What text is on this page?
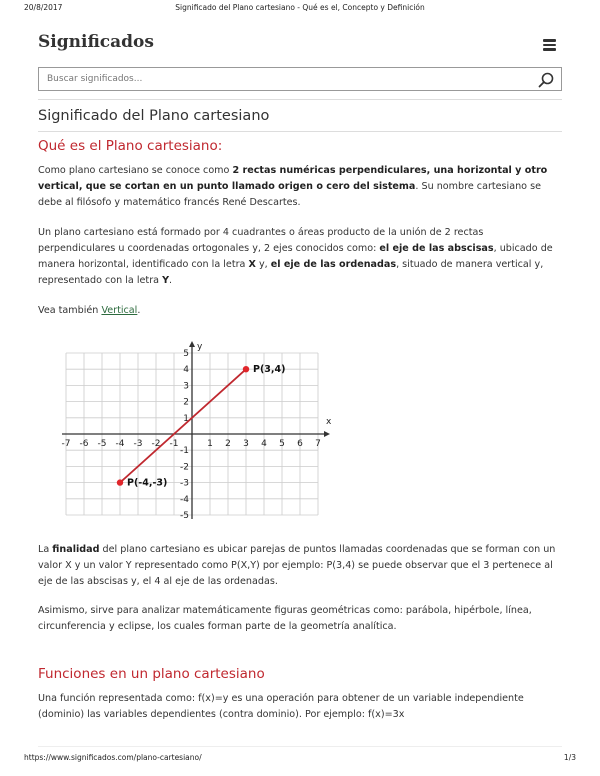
20/8/2017	Significado del Plano cartesiano - Qué es el, Concepto y Definición
Significados
Buscar significados...
Significado del Plano cartesiano
Qué es el Plano cartesiano:

Como plano cartesiano se conoce como 2 rectas numéricas perpendiculares, una horizontal y otro vertical, que se cortan en un punto llamado origen o cero del sistema. Su nombre cartesiano se debe al filósofo y matemático francés René Descartes.

Un plano cartesiano está formado por 4 cuadrantes o áreas producto de la unión de 2 rectas perpendiculares u coordenadas ortogonales y, 2 ejes conocidos como: el eje de las abscisas, ubicado de manera horizontal, identificado con la letra X y, el eje de las ordenadas, situado de manera vertical y, representado con la letra Y.

Vea también Vertical.

x
y
-7 -6 -5 -4 -3 -2 -1	1 2 3 4 5 6 7
5
4
3
2
1
-1
-2
-3
-4
-5
P(3,4)
P(-4,-3)

La finalidad del plano cartesiano es ubicar parejas de puntos llamadas coordenadas que se forman con un valor X y un valor Y representado como P(X,Y) por ejemplo: P(3,4) se puede observar que el 3 pertenece al eje de las abscisas y, el 4 al eje de las ordenadas.

Asimismo, sirve para analizar matemáticamente figuras geométricas como: parábola, hipérbole, línea, circunferencia y eclipse, los cuales forman parte de la geometría analítica.

Funciones en un plano cartesiano

Una función representada como: f(x)=y es una operación para obtener de un variable independiente (dominio) las variables dependientes (contra dominio). Por ejemplo: f(x)=3x

https://www.significados.com/plano-cartesiano/	1/3
